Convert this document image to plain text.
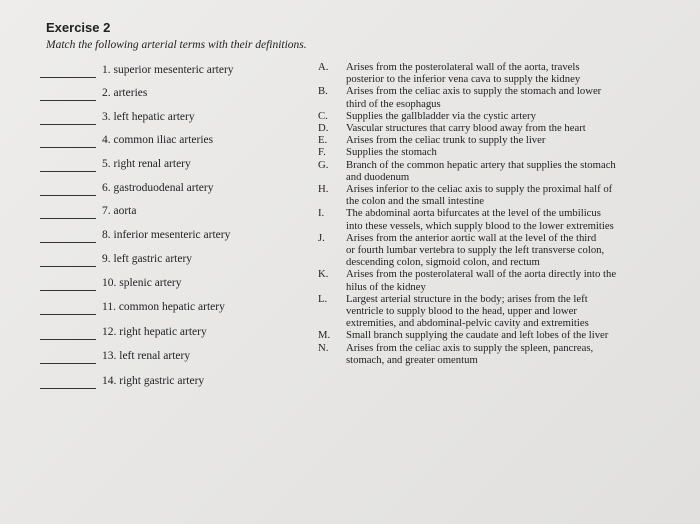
Exercise 2
Match the following arterial terms with their definitions.
1. superior mesenteric artery
2. arteries
3. left hepatic artery
4. common iliac arteries
5. right renal artery
6. gastroduodenal artery
7. aorta
8. inferior mesenteric artery
9. left gastric artery
10. splenic artery
11. common hepatic artery
12. right hepatic artery
13. left renal artery
14. right gastric artery
A.	Arises from the posterolateral wall of the aorta, travels
posterior to the inferior vena cava to supply the kidney
B.	Arises from the celiac axis to supply the stomach and lower
third of the esophagus
C.	Supplies the gallbladder via the cystic artery
D.	Vascular structures that carry blood away from the heart
E.	Arises from the celiac trunk to supply the liver
F.	Supplies the stomach
G.	Branch of the common hepatic artery that supplies the stomach
and duodenum
H.	Arises inferior to the celiac axis to supply the proximal half of
the colon and the small intestine
I.	The abdominal aorta bifurcates at the level of the umbilicus
into these vessels, which supply blood to the lower extremities
J.	Arises from the anterior aortic wall at the level of the third
or fourth lumbar vertebra to supply the left transverse colon,
descending colon, sigmoid colon, and rectum
K.	Arises from the posterolateral wall of the aorta directly into the
hilus of the kidney
L.	Largest arterial structure in the body; arises from the left
ventricle to supply blood to the head, upper and lower
extremities, and abdominal-pelvic cavity and extremities
M.	Small branch supplying the caudate and left lobes of the liver
N.	Arises from the celiac axis to supply the spleen, pancreas,
stomach, and greater omentum
